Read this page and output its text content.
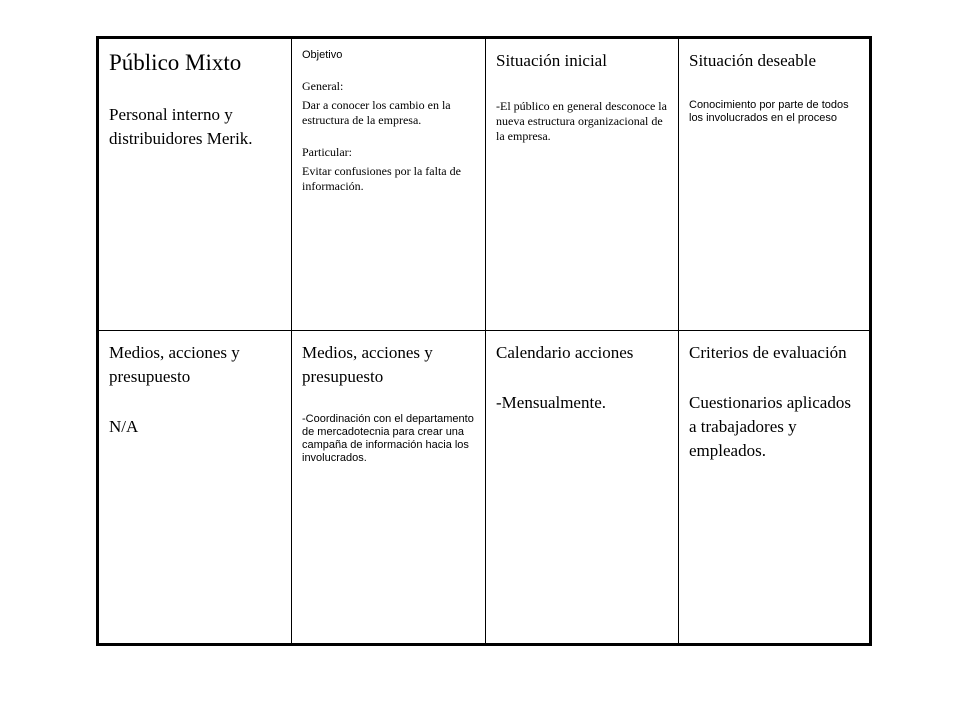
Público Mixto

Personal interno y distribuidores Merik.

Objetivo

General:

Dar a conocer los cambio en la estructura de la empresa.

Particular:

Evitar confusiones por la falta de información.

Situación inicial

-El público en general desconoce la nueva estructura organizacional de la empresa.

Situación deseable

Conocimiento por parte de todos los involucrados en el proceso

Medios, acciones y presupuesto

N/A

Medios, acciones y presupuesto

-Coordinación con el departamento de mercadotecnia para crear una campaña de información hacia los involucrados.

Calendario acciones

-Mensualmente.

Criterios de evaluación

Cuestionarios aplicados a trabajadores y empleados.
